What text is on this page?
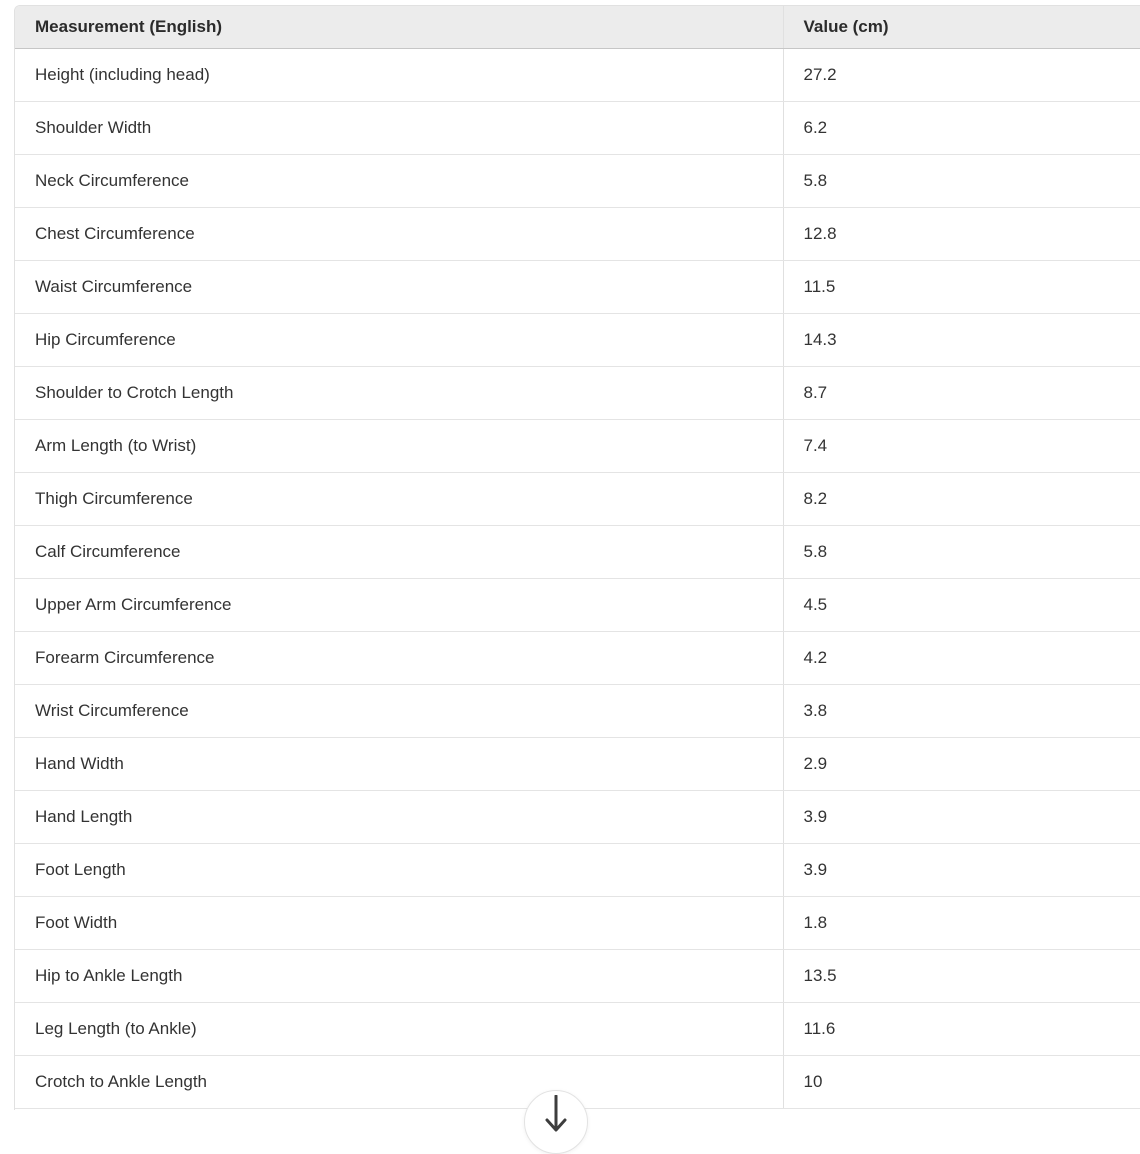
Measurement (English)	Value (cm)
Height (including head)	27.2
Shoulder Width	6.2
Neck Circumference	5.8
Chest Circumference	12.8
Waist Circumference	11.5
Hip Circumference	14.3
Shoulder to Crotch Length	8.7
Arm Length (to Wrist)	7.4
Thigh Circumference	8.2
Calf Circumference	5.8
Upper Arm Circumference	4.5
Forearm Circumference	4.2
Wrist Circumference	3.8
Hand Width	2.9
Hand Length	3.9
Foot Length	3.9
Foot Width	1.8
Hip to Ankle Length	13.5
Leg Length (to Ankle)	11.6
Crotch to Ankle Length	10
